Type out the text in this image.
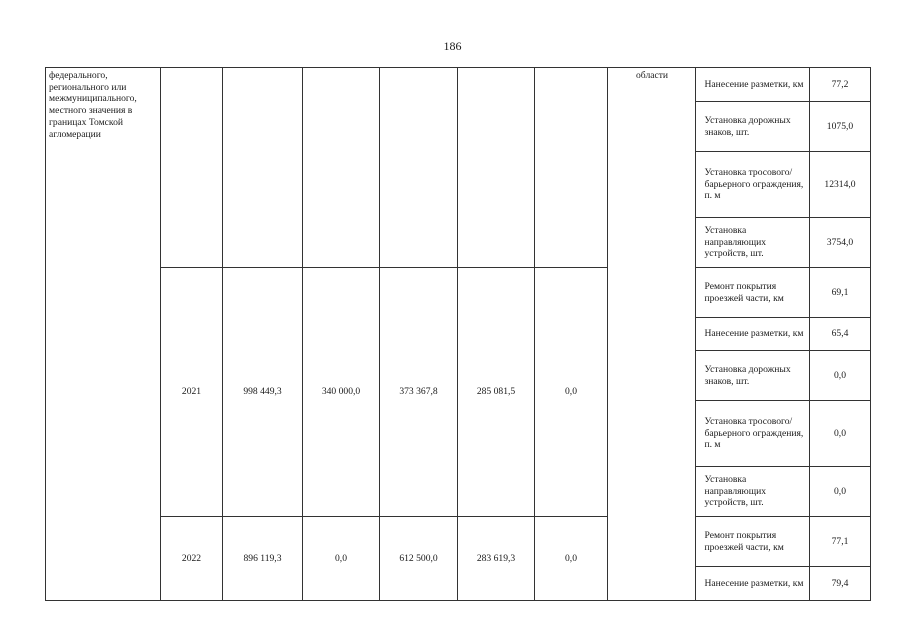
186
федерального, регионального или межмуниципального, местного значения в границах Томской агломерации							области		Нанесение разметки, км	77,2
									Установка дорожных знаков, шт.	1075,0
									Установка тросового/барьерного ограждения, п. м	12314,0
									Установка направляющих устройств, шт.	3754,0
	2021	998 449,3	340 000,0	373 367,8	285 081,5	0,0			Ремонт покрытия проезжей части, км	69,1
									Нанесение разметки, км	65,4
									Установка дорожных знаков, шт.	0,0
									Установка тросового/барьерного ограждения, п. м	0,0
									Установка направляющих устройств, шт.	0,0
	2022	896 119,3	0,0	612 500,0	283 619,3	0,0			Ремонт покрытия проезжей части, км	77,1
									Нанесение разметки, км	79,4
